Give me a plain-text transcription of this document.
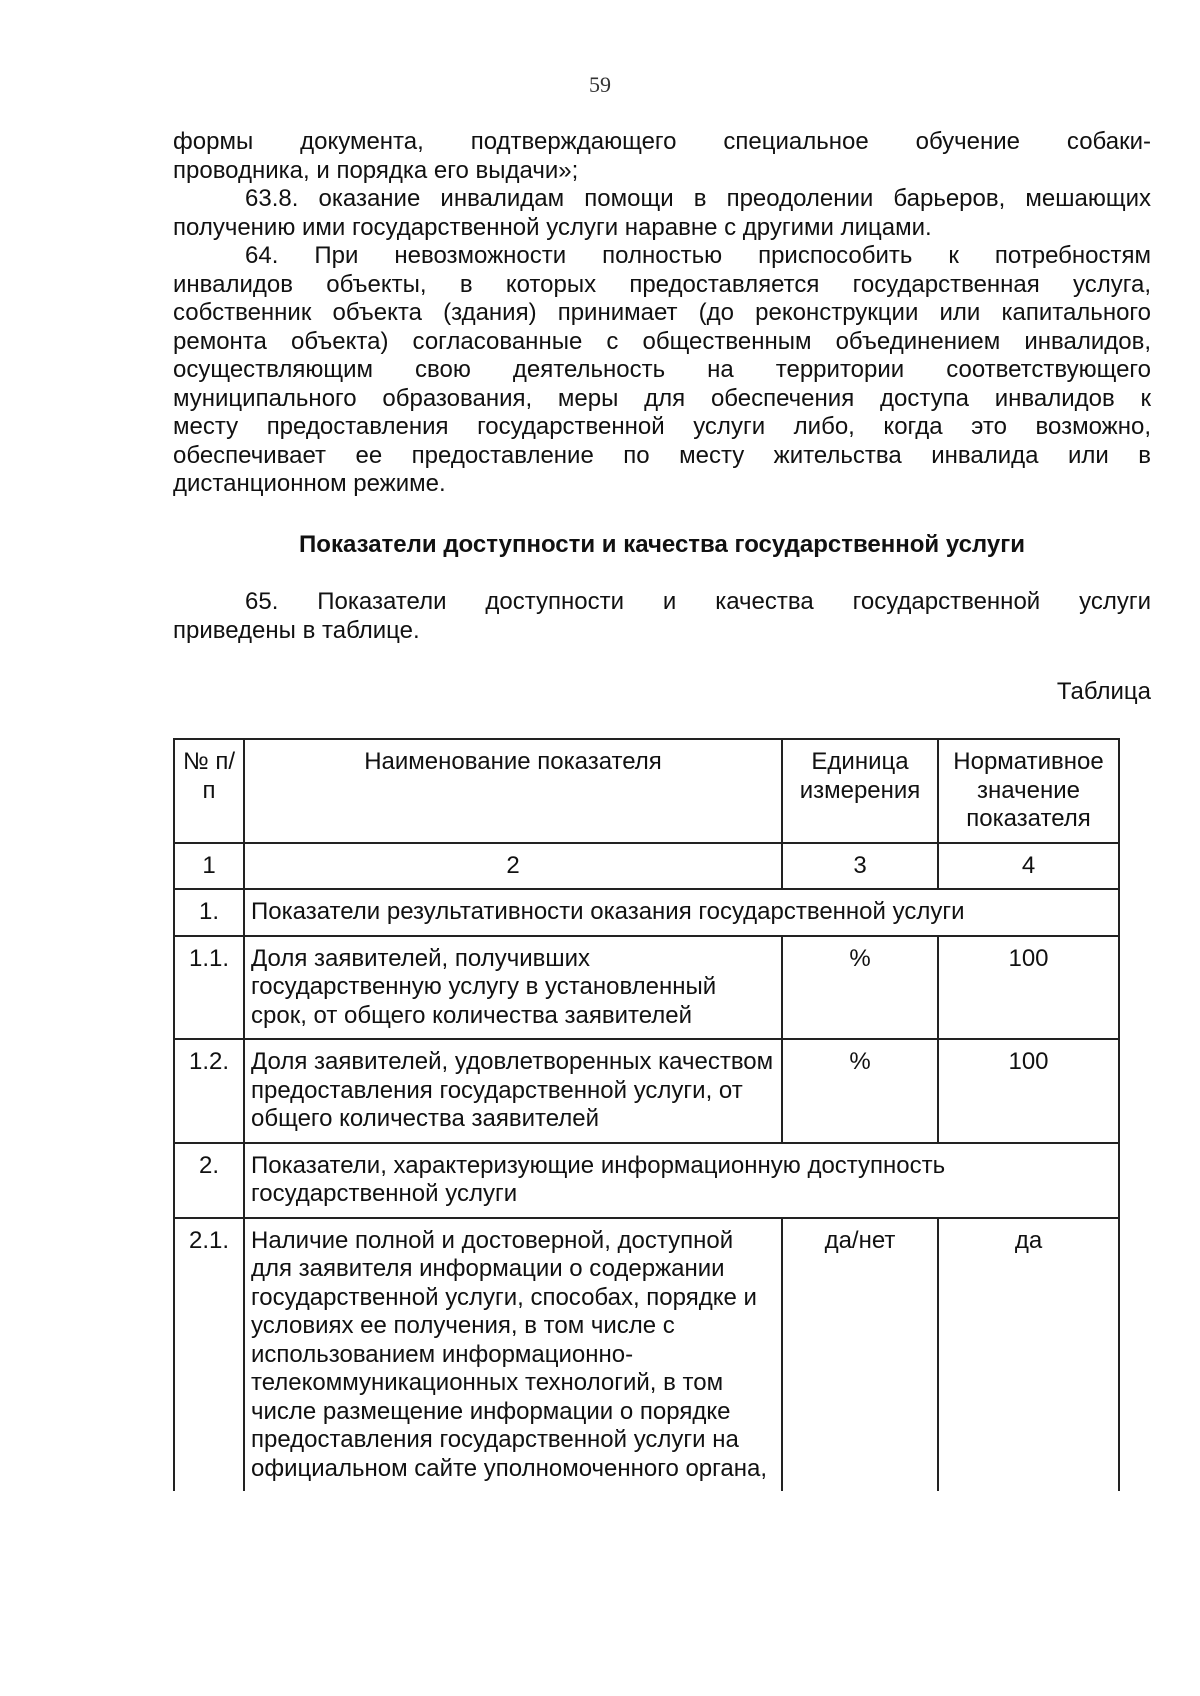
59

формы документа, подтверждающего специальное обучение собаки-
проводника, и порядка его выдачи»;

63.8. оказание инвалидам помощи в преодолении барьеров, мешающих
получению ими государственной услуги наравне с другими лицами.

64. При невозможности полностью приспособить к потребностям
инвалидов объекты, в которых предоставляется государственная услуга,
собственник объекта (здания) принимает (до реконструкции или капитального
ремонта объекта) согласованные с общественным объединением инвалидов,
осуществляющим свою деятельность на территории соответствующего
муниципального образования, меры для обеспечения доступа инвалидов к
месту предоставления государственной услуги либо, когда это возможно,
обеспечивает ее предоставление по месту жительства инвалида или в
дистанционном режиме.

Показатели доступности и качества государственной услуги

65. Показатели доступности и качества государственной услуги
приведены в таблице.

Таблица
№ п/п	Наименование показателя	Единица измерения	Нормативное значение показателя
1	2	3	4
1.	Показатели результативности оказания государственной услуги		
1.1.	Доля заявителей, получивших государственную услугу в установленный срок, от общего количества заявителей	%	100
1.2.	Доля заявителей, удовлетворенных качеством предоставления государственной услуги, от общего количества заявителей	%	100
2.	Показатели, характеризующие информационную доступность государственной услуги		
2.1.	Наличие полной и достоверной, доступной для заявителя информации о содержании государственной услуги, способах, порядке и условиях ее получения, в том числе с использованием информационно-телекоммуникационных технологий, в том числе размещение информации о порядке предоставления государственной услуги на официальном сайте уполномоченного органа,	да/нет	да
